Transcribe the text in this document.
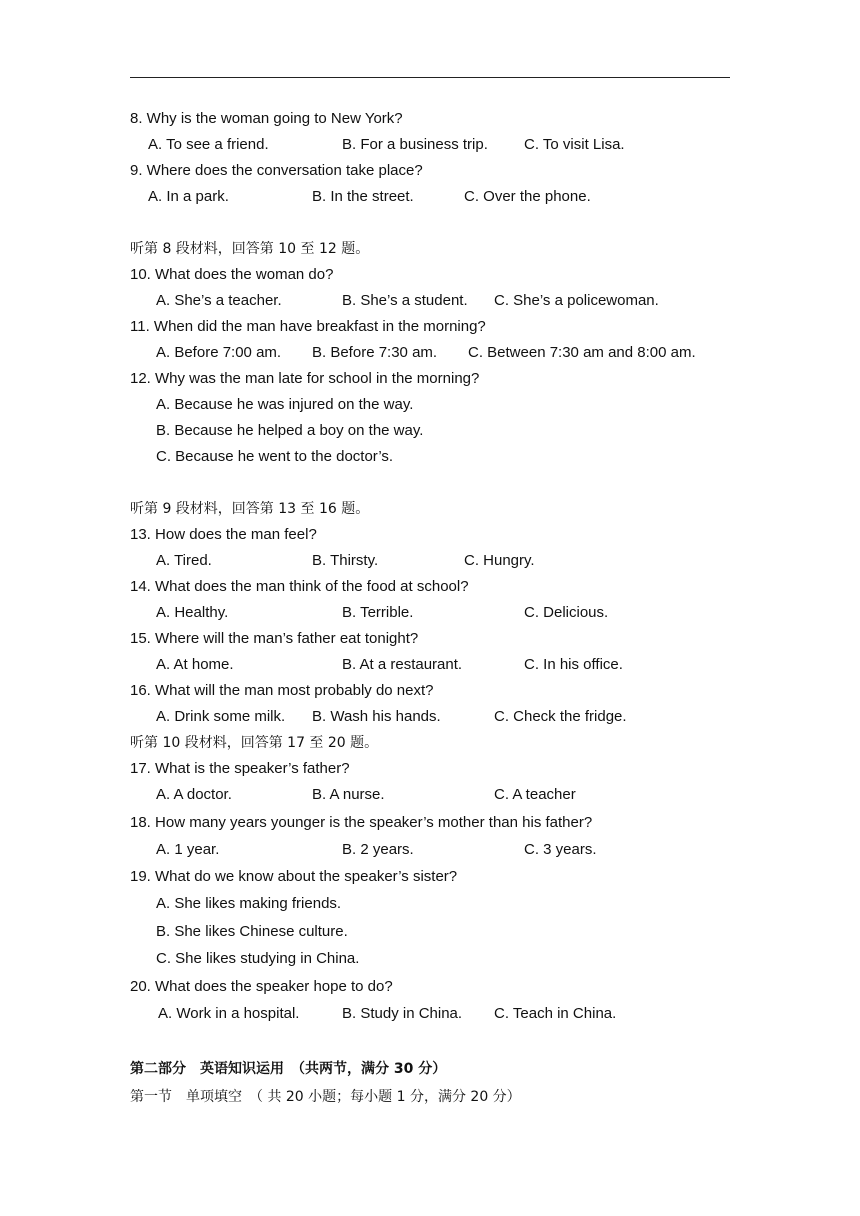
8. Why is the woman going to New York?
A. To see a friend.	B. For a business trip. C. To visit Lisa.
9. Where does the conversation take place?
A. In a park.	B. In the street.	C. Over the phone.
听第 8 段材料，回答第 10 至 12 题。
10. What does the woman do?
A. She’s a teacher.	B. She’s a student. C. She’s a policewoman.
11. When did the man have breakfast in the morning?
A. Before 7:00 am. B. Before 7:30 am. C. Between 7:30 am and 8:00 am.
12. Why was the man late for school in the morning?
A. Because he was injured on the way.
B. Because he helped a boy on the way.
C. Because he went to the doctor’s.
听第 9 段材料，回答第 13 至 16 题。
13. How does the man feel?
A. Tired.	B. Thirsty.	C. Hungry.
14. What does the man think of the food at school?
A. Healthy.	B. Terrible.	C. Delicious.
15. Where will the man’s father eat tonight?
A. At home.	B. At a restaurant.	C. In his office.
16. What will the man most probably do next?
A. Drink some milk. B. Wash his hands.	C. Check the fridge.
听第 10 段材料，回答第 17 至 20 题。
17. What is the speaker’s father?
A. A doctor.	B. A nurse.	C. A teacher
18. How many years younger is the speaker’s mother than his father?
A. 1 year.	B. 2 years.	C. 3 years.
19. What do we know about the speaker’s sister?
A. She likes making friends.
B. She likes Chinese culture.
C. She likes studying in China.
20. What does the speaker hope to do?
A. Work in a hospital.	B. Study in China. C. Teach in China.
第二部分　英语知识运用　（共两节，满分 30 分）
第一节　单项填空　（ 共 20 小题；每小题 1 分，满分 20 分）
